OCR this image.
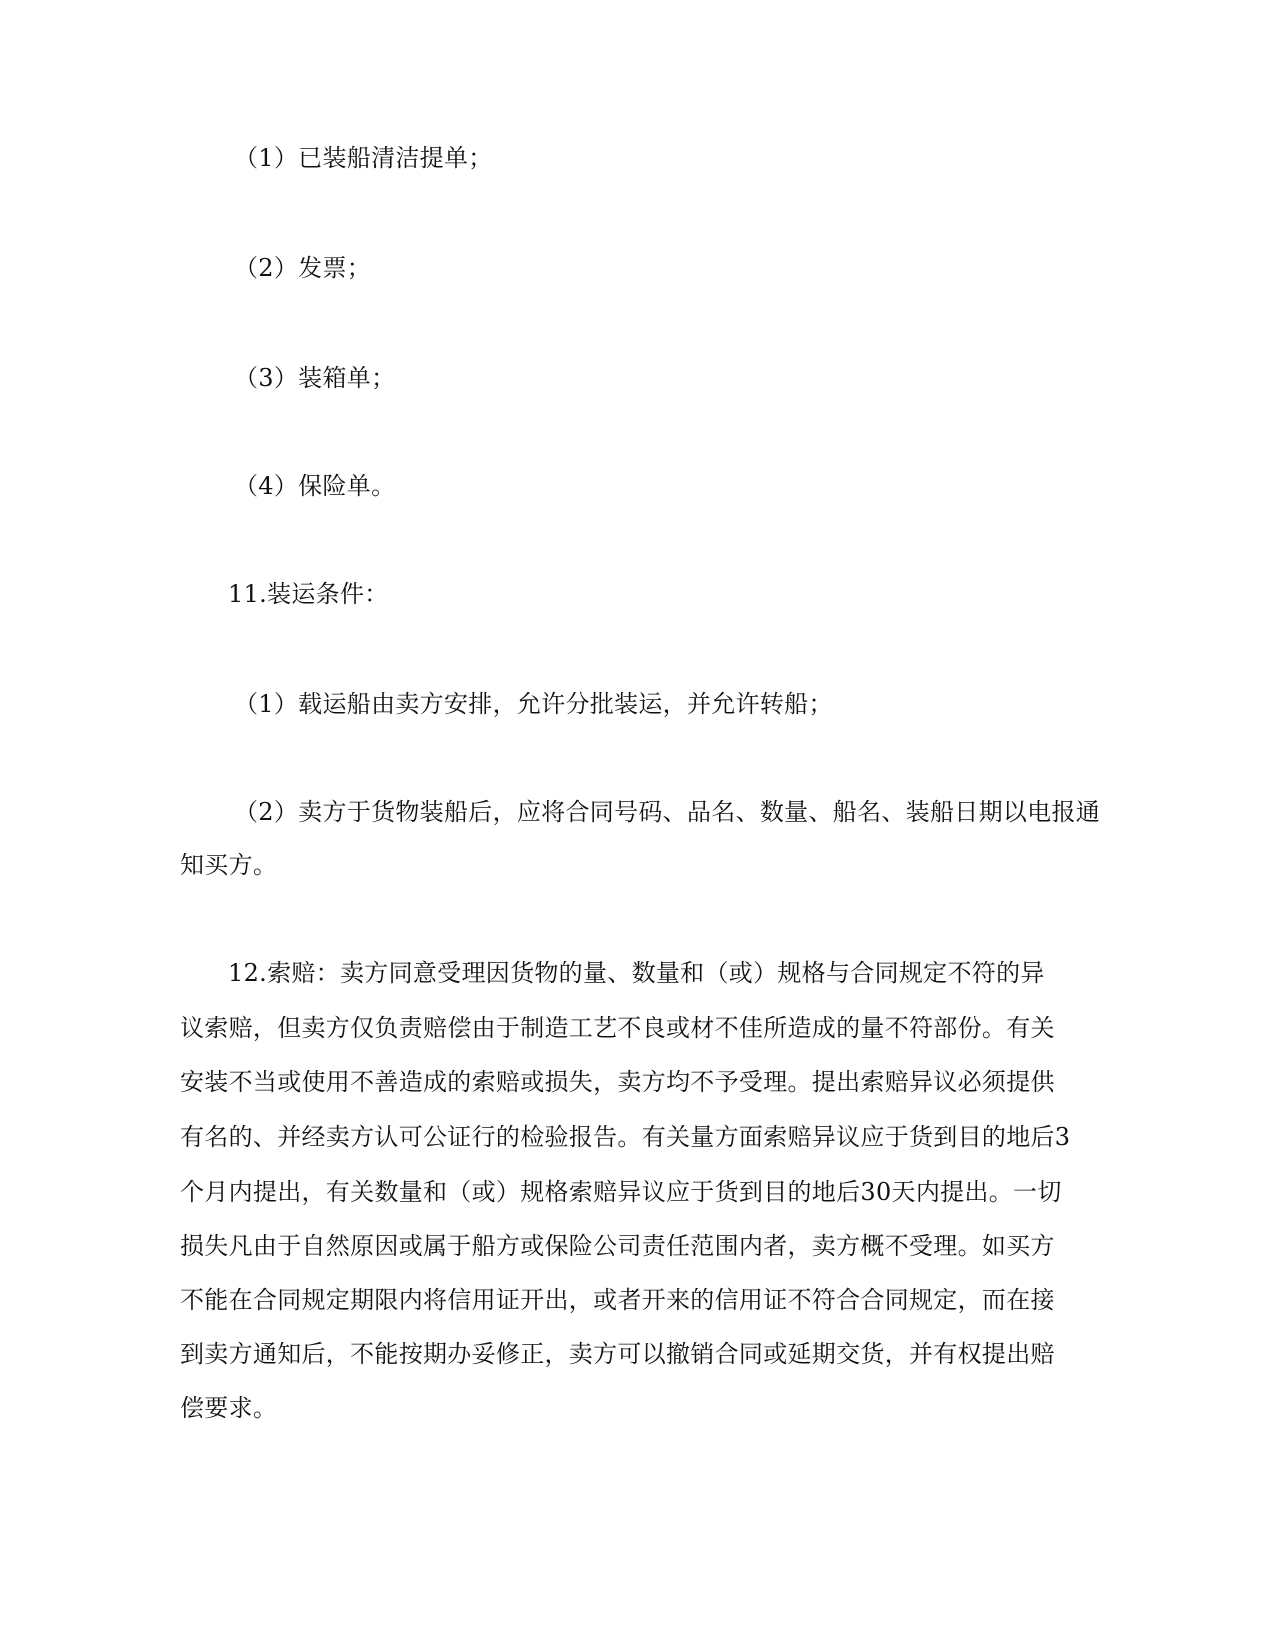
（1）已装船清洁提单；
（2）发票；
（3）装箱单；
（4）保险单。
11.装运条件：
（1）载运船由卖方安排，允许分批装运，并允许转船；
（2）卖方于货物装船后，应将合同号码、品名、数量、船名、装船日期以电报通
知买方。
12.索赔：卖方同意受理因货物的量、数量和（或）规格与合同规定不符的异
议索赔，但卖方仅负责赔偿由于制造工艺不良或材不佳所造成的量不符部份。有关
安装不当或使用不善造成的索赔或损失，卖方均不予受理。提出索赔异议必须提供
有名的、并经卖方认可公证行的检验报告。有关量方面索赔异议应于货到目的地后3
个月内提出，有关数量和（或）规格索赔异议应于货到目的地后30天内提出。一切
损失凡由于自然原因或属于船方或保险公司责任范围内者，卖方概不受理。如买方
不能在合同规定期限内将信用证开出，或者开来的信用证不符合合同规定，而在接
到卖方通知后，不能按期办妥修正，卖方可以撤销合同或延期交货，并有权提出赔
偿要求。
